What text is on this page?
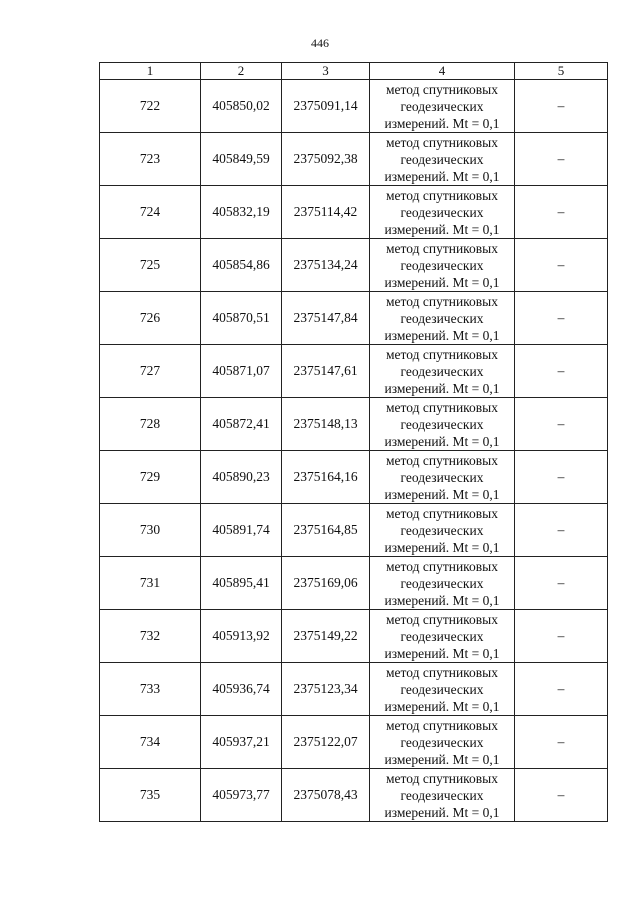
446
1	2	3	4	5
722	405850,02	2375091,14	метод спутниковых
геодезических
измерений. Mt = 0,1	–
723	405849,59	2375092,38	метод спутниковых
геодезических
измерений. Mt = 0,1	–
724	405832,19	2375114,42	метод спутниковых
геодезических
измерений. Mt = 0,1	–
725	405854,86	2375134,24	метод спутниковых
геодезических
измерений. Mt = 0,1	–
726	405870,51	2375147,84	метод спутниковых
геодезических
измерений. Mt = 0,1	–
727	405871,07	2375147,61	метод спутниковых
геодезических
измерений. Mt = 0,1	–
728	405872,41	2375148,13	метод спутниковых
геодезических
измерений. Mt = 0,1	–
729	405890,23	2375164,16	метод спутниковых
геодезических
измерений. Mt = 0,1	–
730	405891,74	2375164,85	метод спутниковых
геодезических
измерений. Mt = 0,1	–
731	405895,41	2375169,06	метод спутниковых
геодезических
измерений. Mt = 0,1	–
732	405913,92	2375149,22	метод спутниковых
геодезических
измерений. Mt = 0,1	–
733	405936,74	2375123,34	метод спутниковых
геодезических
измерений. Mt = 0,1	–
734	405937,21	2375122,07	метод спутниковых
геодезических
измерений. Mt = 0,1	–
735	405973,77	2375078,43	метод спутниковых
геодезических
измерений. Mt = 0,1	–
